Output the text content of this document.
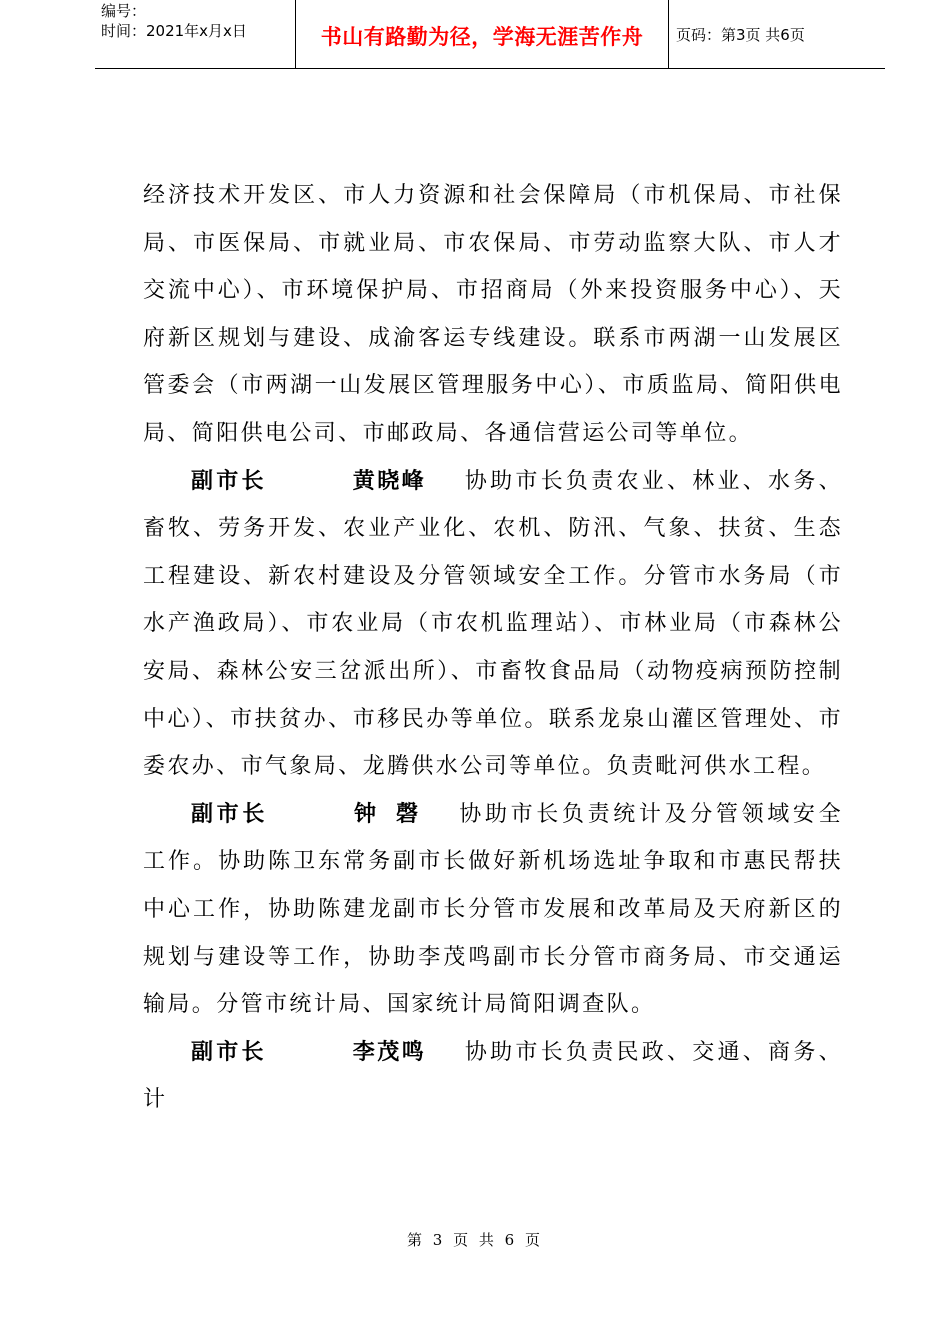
编号：
时间：2021年x月x日	书山有路勤为径，学海无涯苦作舟	页码：第3页 共6页

经济技术开发区、市人力资源和社会保障局（市机保局、市社保局、市医保局、市就业局、市农保局、市劳动监察大队、市人才交流中心）、市环境保护局、市招商局（外来投资服务中心）、天府新区规划与建设、成渝客运专线建设。联系市两湖一山发展区管委会（市两湖一山发展区管理服务中心）、市质监局、简阳供电局、简阳供电公司、市邮政局、各通信营运公司等单位。

副市长	黄晓峰 协助市长负责农业、林业、水务、畜牧、劳务开发、农业产业化、农机、防汛、气象、扶贫、生态工程建设、新农村建设及分管领域安全工作。分管市水务局（市水产渔政局）、市农业局（市农机监理站）、市林业局（市森林公安局、森林公安三岔派出所）、市畜牧食品局（动物疫病预防控制中心）、市扶贫办、市移民办等单位。联系龙泉山灌区管理处、市委农办、市气象局、龙腾供水公司等单位。负责毗河供水工程。

副市长	钟磬 协助市长负责统计及分管领域安全工作。协助陈卫东常务副市长做好新机场选址争取和市惠民帮扶中心工作，协助陈建龙副市长分管市发展和改革局及天府新区的规划与建设等工作，协助李茂鸣副市长分管市商务局、市交通运输局。分管市统计局、国家统计局简阳调查队。

副市长	李茂鸣 协助市长负责民政、交通、商务、计

第 3 页 共 6 页
